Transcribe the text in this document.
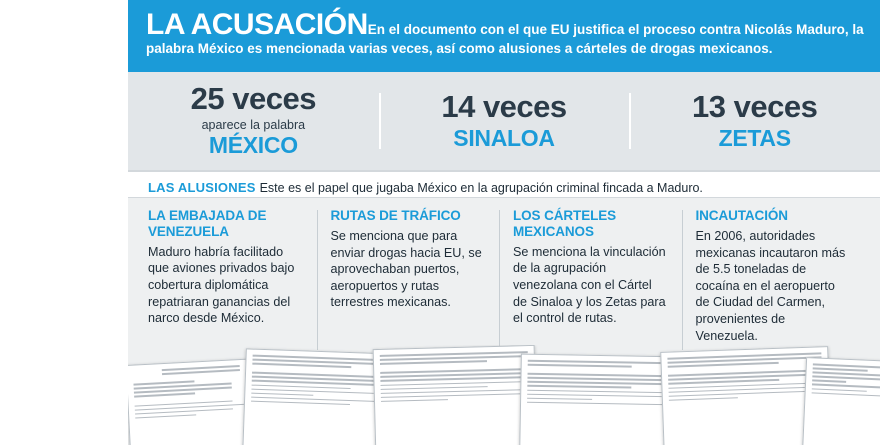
LA ACUSACIÓNEn el documento con el que EU justifica el proceso contra Nicolás Maduro, la palabra México es mencionada varias veces, así como alusiones a cárteles de drogas mexicanos.

25 veces
aparece la palabra
MÉXICO
14 veces
SINALOA
13 veces
ZETAS
LAS ALUSIONES Este es el papel que jugaba México en la agrupación criminal fincada a Maduro.
LA EMBAJADA DE VENEZUELA
Maduro habría facilitado que aviones privados bajo cobertura diplomática repatriaran ganancias del narco desde México.
RUTAS DE TRÁFICO
Se menciona que para enviar drogas hacia EU, se aprovechaban puertos, aeropuertos y rutas terrestres mexicanas.
LOS CÁRTELES MEXICANOS
Se menciona la vinculación de la agrupación venezolana con el Cártel de Sinaloa y los Zetas para el control de rutas.
INCAUTACIÓN
En 2006, autoridades mexicanas incautaron más de 5.5 toneladas de cocaína en el aeropuerto de Ciudad del Carmen, provenientes de Venezuela.
